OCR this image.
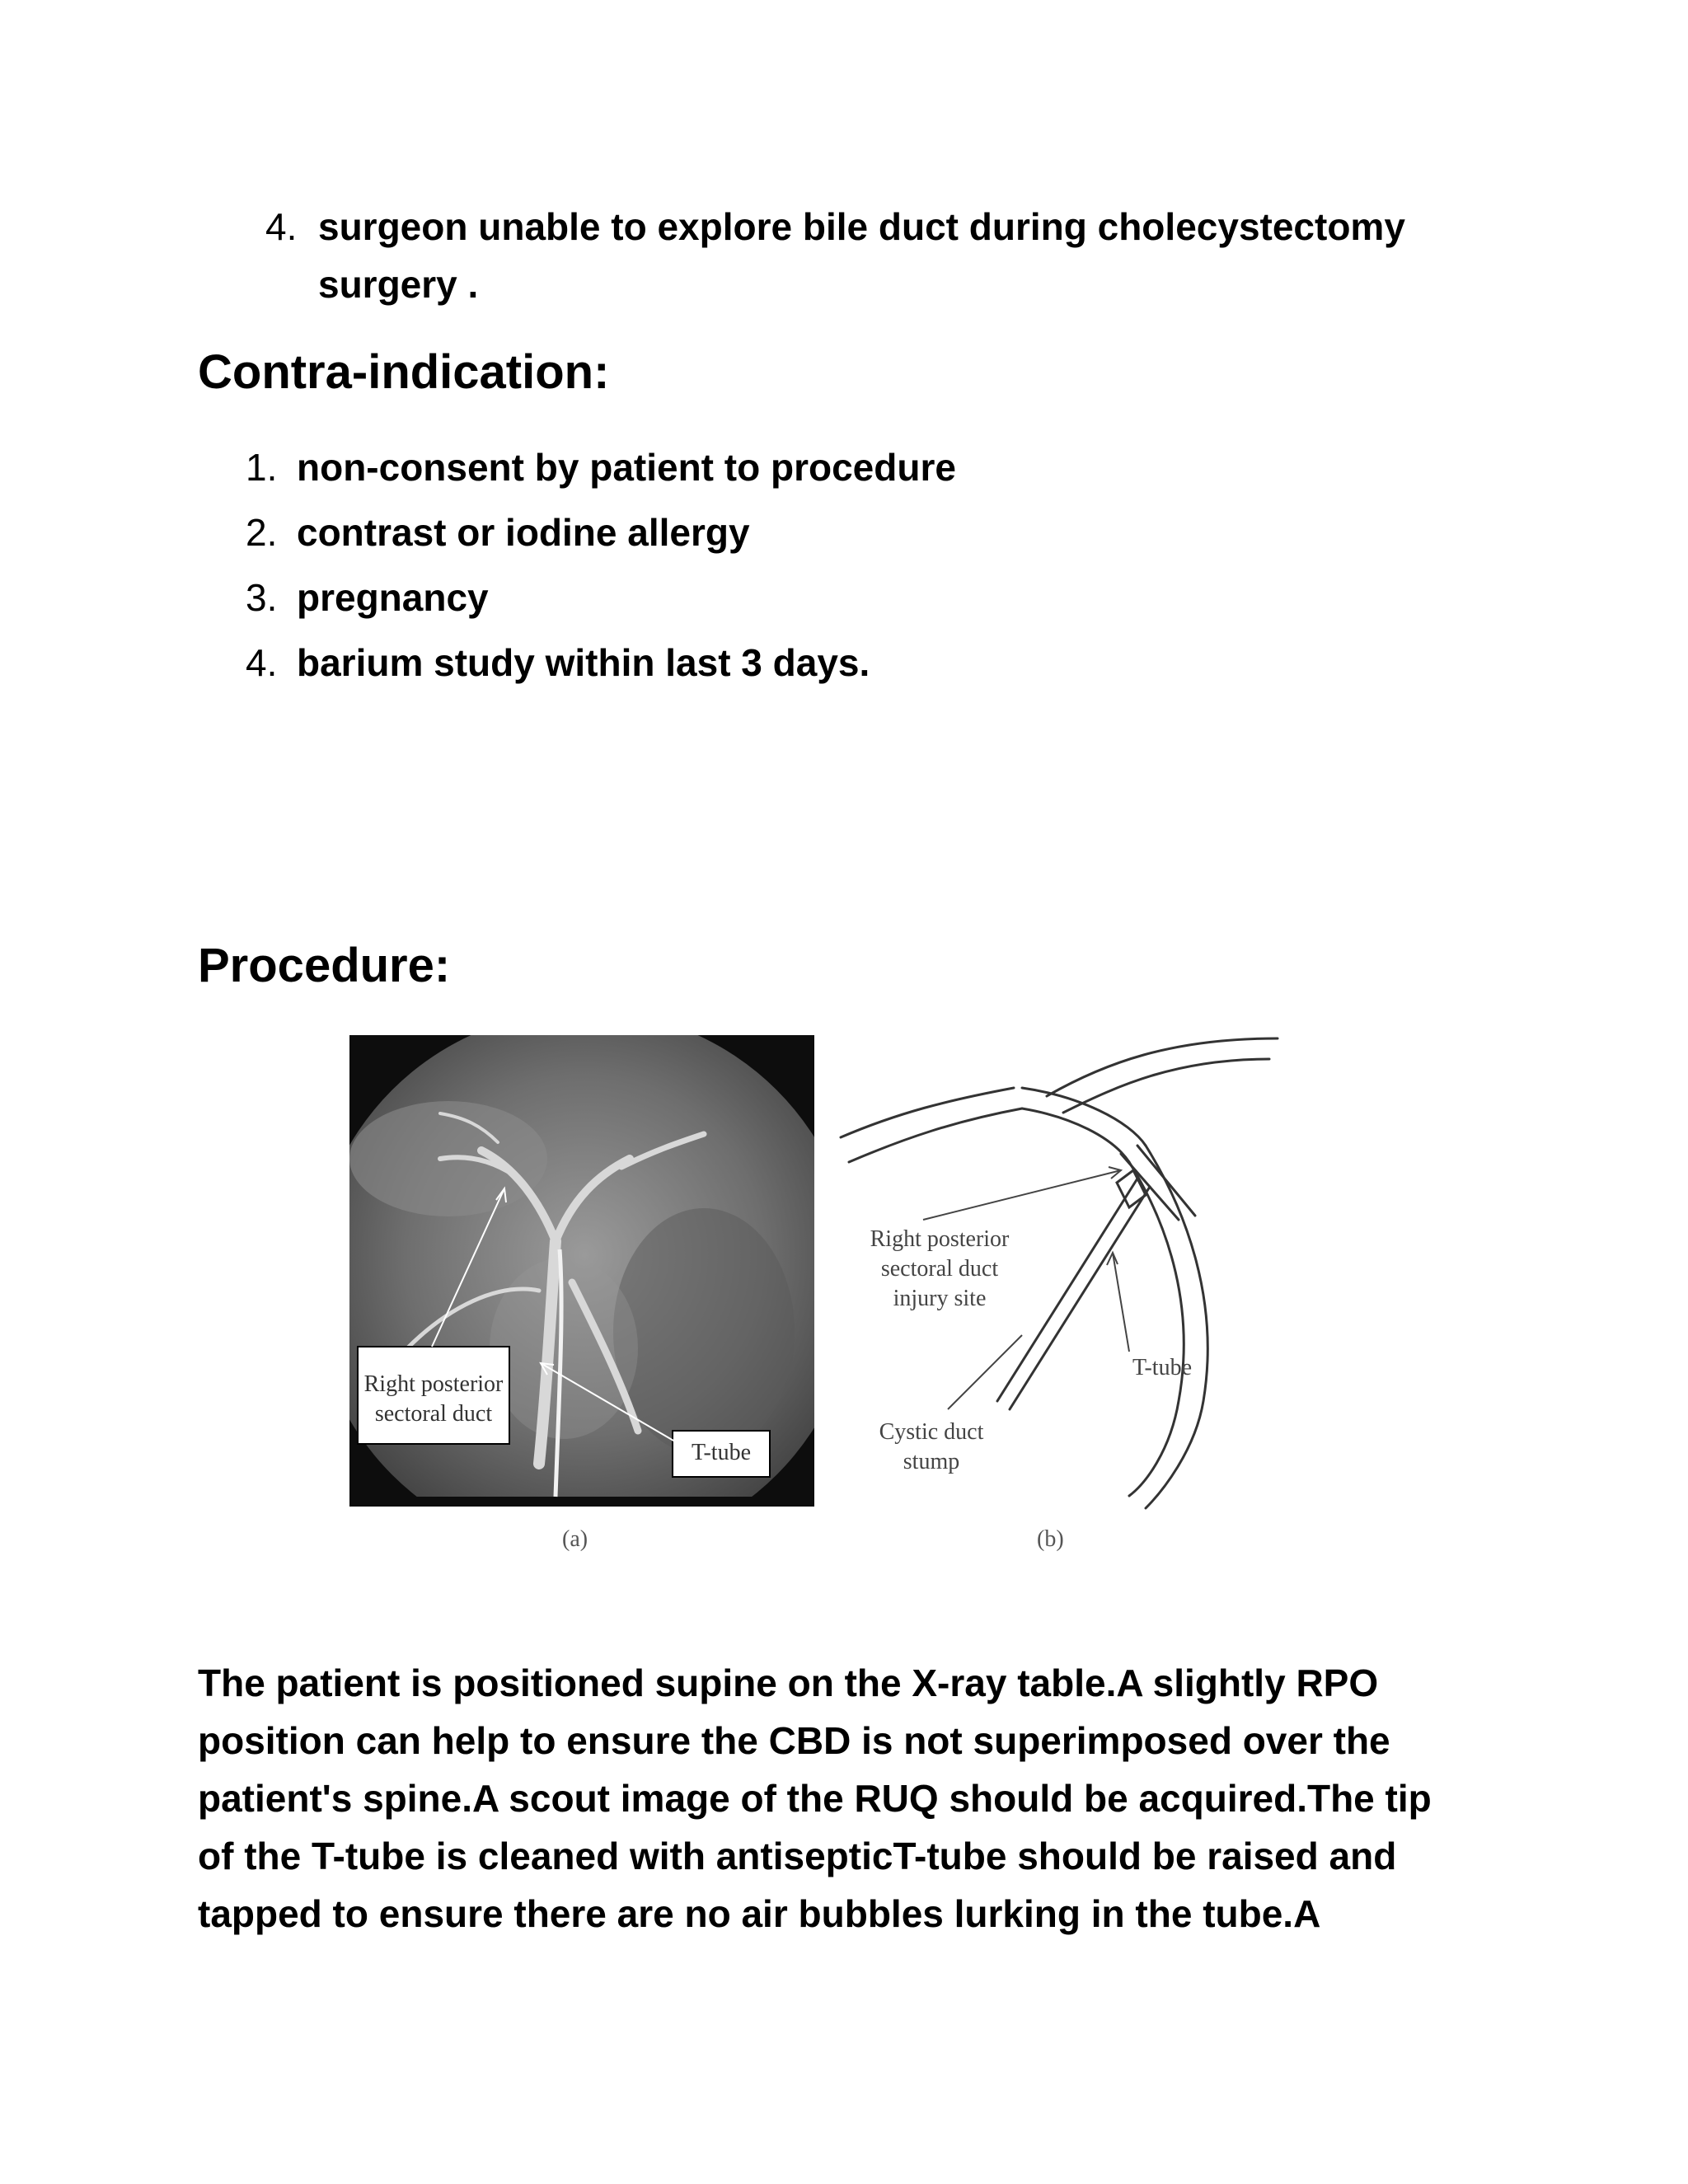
4. surgeon unable to explore bile duct during cholecystectomy
surgery .
Contra-indication:
1. non-consent by patient to procedure
2. contrast or iodine allergy
3. pregnancy
4. barium study within last 3 days.
Procedure:
Right posterior
sectoral duct
T-tube
(a)
Right posterior
sectoral duct
injury site
T-tube
Cystic duct
stump
(b)
The patient is positioned supine on the X-ray table.A slightly RPO
position can help to ensure the CBD is not superimposed over the
patient's spine.A scout image of the RUQ should be acquired.The tip
of the T-tube is cleaned with antisepticT-tube should be raised and
tapped to ensure there are no air bubbles lurking in the tube.A
